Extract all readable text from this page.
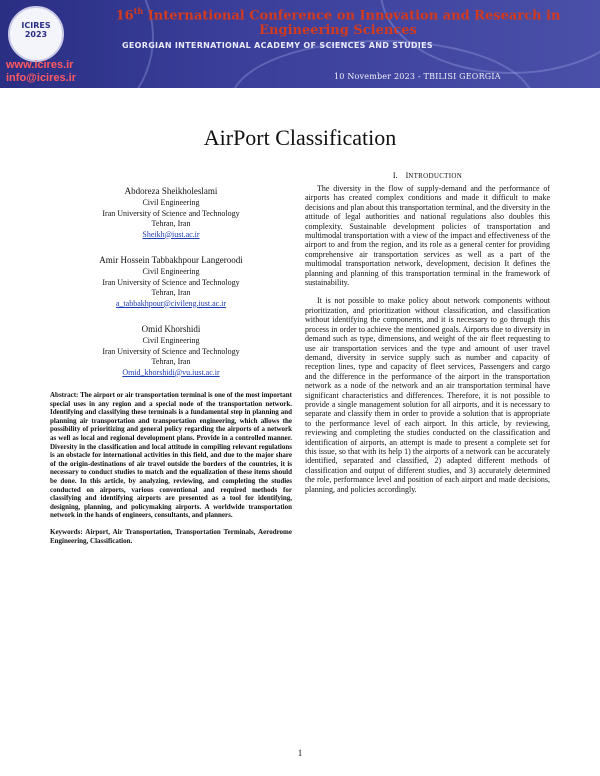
ICIRES
2023
16th International Conference on Innovation and Research in Engineering Sciences
GEORGIAN INTERNATIONAL ACADEMY OF SCIENCES AND STUDIES
www.icires.ir
info@icires.ir	10 November 2023 - TBILISI GEORGIA
AirPort Classification
Abdoreza Sheikholeslami
Civil Engineering
Iran University of Science and Technology
Tehran, Iran
Sheikh@iust.ac.ir
Amir Hossein Tabbakhpour Langeroodi
Civil Engineering
Iran University of Science and Technology
Tehran, Iran
a_tabbakhpour@civileng.iust.ac.ir
Omid Khorshidi
Civil Engineering
Iran University of Science and Technology
Tehran, Iran
Omid_khorshidi@vu.iust.ac.ir
Abstract: The airport or air transportation terminal is one of the most important special uses in any region and a special node of the transportation network. Identifying and classifying these terminals is a fundamental step in planning and planning air transportation and transportation engineering, which allows the possibility of prioritizing and general policy regarding the airports of a network as well as local and regional development plans. Provide in a controlled manner. Diversity in the classification and local attitude in compiling relevant regulations is an obstacle for international activities in this field, and due to the major share of the origin-destinations of air travel outside the borders of the countries, it is necessary to conduct studies to match and the equalization of these items should be done. In this article, by analyzing, reviewing, and completing the studies conducted on airports, various conventional and required methods for classifying and identifying airports are presented as a tool for identifying, designing, planning, and policymaking airports. A worldwide transportation network in the hands of engineers, consultants, and planners.
Keywords: Airport, Air Transportation, Transportation Terminals, Aerodrome Engineering, Classification.
I. INTRODUCTION

The diversity in the flow of supply-demand and the performance of airports has created complex conditions and made it difficult to make decisions and plan about this transportation terminal, and the diversity in the attitude of legal authorities and national regulations also doubles this complexity. Sustainable development policies of transportation and multimodal transportation with a view of the impact and effectiveness of the airport to and from the region, and its role as a general center for providing comprehensive air transportation services as well as a part of the multimodal transportation network, development, decision It defines the planning and planning of this transportation terminal in the framework of sustainability.

It is not possible to make policy about network components without prioritization, and prioritization without classification, and classification without identifying the components, and it is necessary to go through this process in order to achieve the mentioned goals. Airports due to diversity in demand such as type, dimensions, and weight of the air fleet requesting to use air transportation services and the type and amount of user travel demand, diversity in service supply such as number and capacity of reception lines, type and capacity of fleet services, Passengers and cargo and the difference in the performance of the airport in the transportation network as a node of the network and an air transportation terminal have significant characteristics and differences. Therefore, it is not possible to provide a single management solution for all airports, and it is necessary to separate and classify them in order to provide a solution that is appropriate to the performance level of each airport. In this article, by reviewing, reviewing and completing the studies conducted on the classification and identification of airports, an attempt is made to present a complete set for this issue, so that with its help 1) the airports of a network can be accurately identified, separated and classified, 2) adapted different methods of classification and output of different studies, and 3) accurately determined the role, performance level and position of each airport and made decisions, planning, and policies accordingly.

1
